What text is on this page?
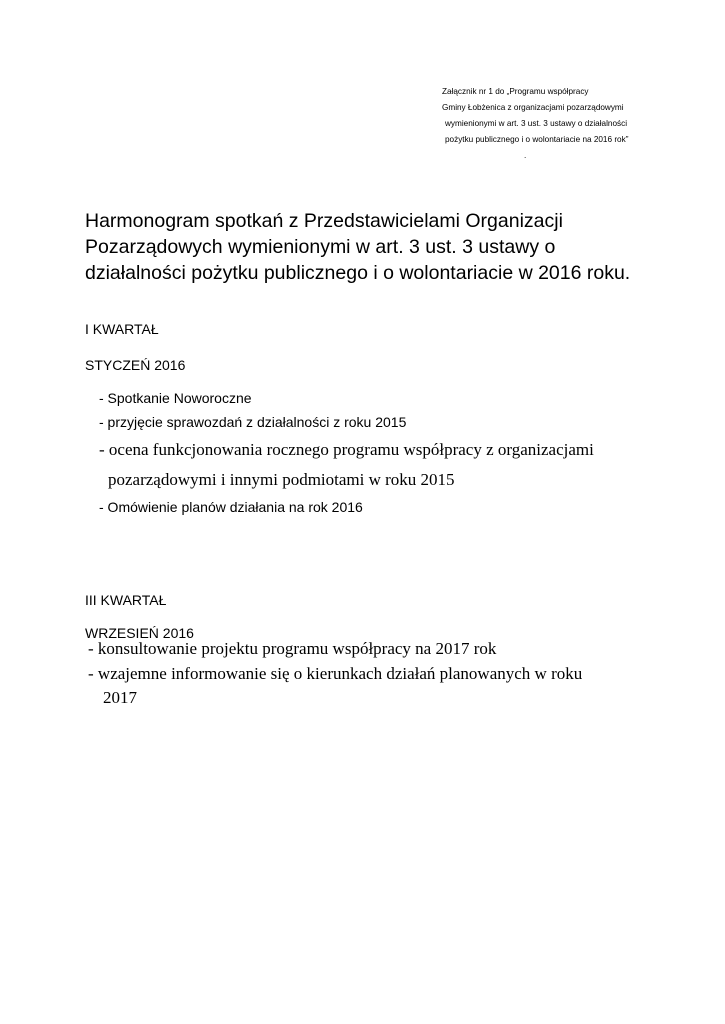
Załącznik nr 1 do „Programu współpracy
Gminy Łobżenica z organizacjami pozarządowymi
wymienionymi w art. 3 ust. 3 ustawy o działalności
pożytku publicznego i o wolontariacie na 2016 rok”
.
Harmonogram spotkań z Przedstawicielami Organizacji
Pozarządowych wymienionymi w art. 3 ust. 3 ustawy o
działalności pożytku publicznego i o wolontariacie w 2016 roku.
I KWARTAŁ
STYCZEŃ 2016
- Spotkanie Noworoczne
- przyjęcie sprawozdań z działalności z roku 2015
- ocena funkcjonowania rocznego programu współpracy z organizacjami
pozarządowymi i innymi podmiotami w roku 2015
- Omówienie planów działania na rok 2016
III KWARTAŁ
WRZESIEŃ 2016
- konsultowanie projektu programu współpracy na 2017 rok
- wzajemne informowanie się o kierunkach działań planowanych w roku
2017
